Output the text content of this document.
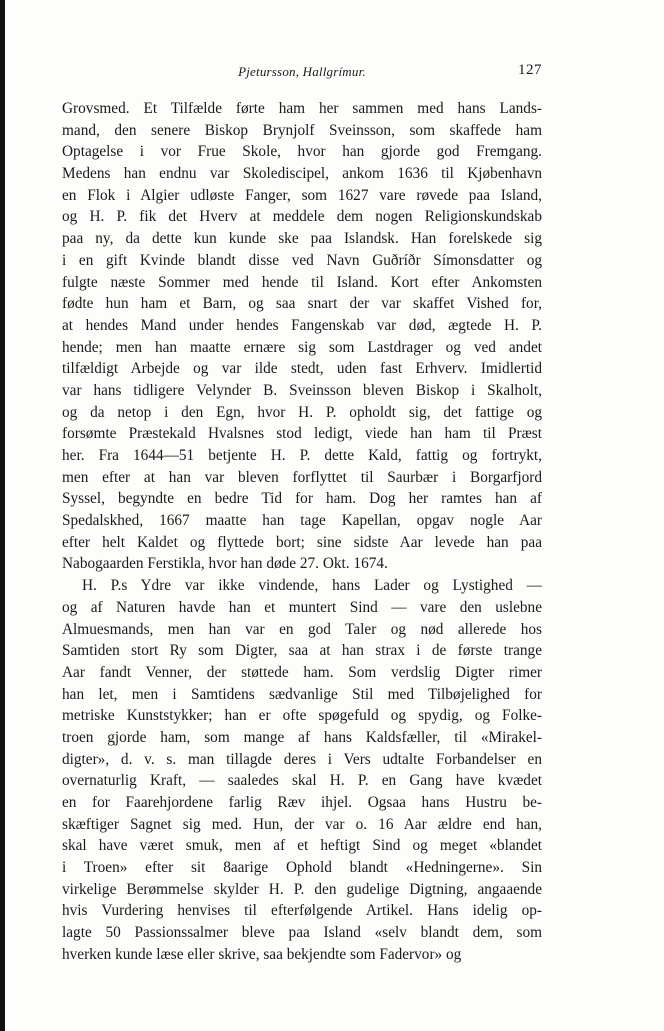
Pjetursson, Hallgrímur.	127
Grovsmed. Et Tilfælde førte ham her sammen med hans Lands-
mand, den senere Biskop Brynjolf Sveinsson, som skaffede ham
Optagelse i vor Frue Skole, hvor han gjorde god Fremgang.
Medens han endnu var Skolediscipel, ankom 1636 til Kjøbenhavn
en Flok i Algier udløste Fanger, som 1627 vare røvede paa Island,
og H. P. fik det Hverv at meddele dem nogen Religionskundskab
paa ny, da dette kun kunde ske paa Islandsk. Han forelskede sig
i en gift Kvinde blandt disse ved Navn Guðríðr Símonsdatter og
fulgte næste Sommer med hende til Island. Kort efter Ankomsten
fødte hun ham et Barn, og saa snart der var skaffet Vished for,
at hendes Mand under hendes Fangenskab var død, ægtede H. P.
hende; men han maatte ernære sig som Lastdrager og ved andet
tilfældigt Arbejde og var ilde stedt, uden fast Erhverv. Imidlertid
var hans tidligere Velynder B. Sveinsson bleven Biskop i Skalholt,
og da netop i den Egn, hvor H. P. opholdt sig, det fattige og
forsømte Præstekald Hvalsnes stod ledigt, viede han ham til Præst
her. Fra 1644—51 betjente H. P. dette Kald, fattig og fortrykt,
men efter at han var bleven forflyttet til Saurbær i Borgarfjord
Syssel, begyndte en bedre Tid for ham. Dog her ramtes han af
Spedalskhed, 1667 maatte han tage Kapellan, opgav nogle Aar
efter helt Kaldet og flyttede bort; sine sidste Aar levede han paa
Nabogaarden Ferstikla, hvor han døde 27. Okt. 1674.
H. P.s Ydre var ikke vindende, hans Lader og Lystighed —
og af Naturen havde han et muntert Sind — vare den uslebne
Almuesmands, men han var en god Taler og nød allerede hos
Samtiden stort Ry som Digter, saa at han strax i de første trange
Aar fandt Venner, der støttede ham. Som verdslig Digter rimer
han let, men i Samtidens sædvanlige Stil med Tilbøjelighed for
metriske Kunststykker; han er ofte spøgefuld og spydig, og Folke-
troen gjorde ham, som mange af hans Kaldsfæller, til «Mirakel-
digter», d. v. s. man tillagde deres i Vers udtalte Forbandelser en
overnaturlig Kraft, — saaledes skal H. P. en Gang have kvædet
en for Faarehjordene farlig Ræv ihjel. Ogsaa hans Hustru be-
skæftiger Sagnet sig med. Hun, der var o. 16 Aar ældre end han,
skal have været smuk, men af et heftigt Sind og meget «blandet
i Troen» efter sit 8aarige Ophold blandt «Hedningerne». Sin
virkelige Berømmelse skylder H. P. den gudelige Digtning, angaaende
hvis Vurdering henvises til efterfølgende Artikel. Hans idelig op-
lagte 50 Passionssalmer bleve paa Island «selv blandt dem, som
hverken kunde læse eller skrive, saa bekjendte som Fadervor» og
